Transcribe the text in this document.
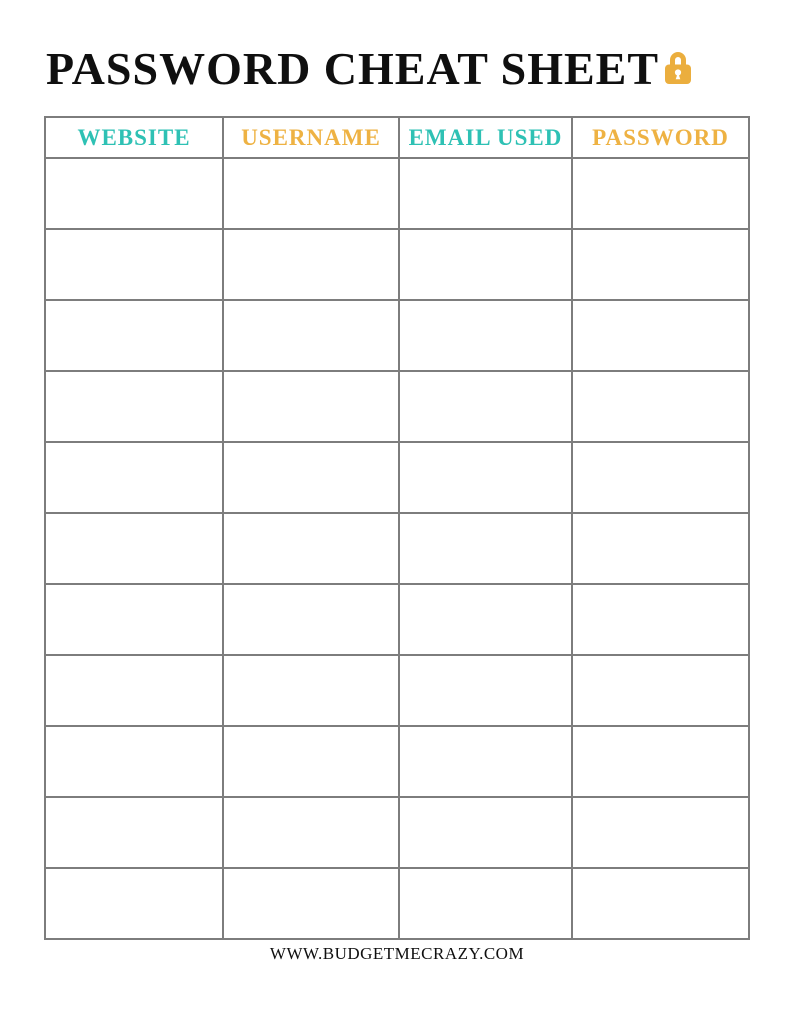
PASSWORD CHEAT SHEET
WEBSITE	USERNAME	EMAIL USED	PASSWORD

WWW.BUDGETMECRAZY.COM
